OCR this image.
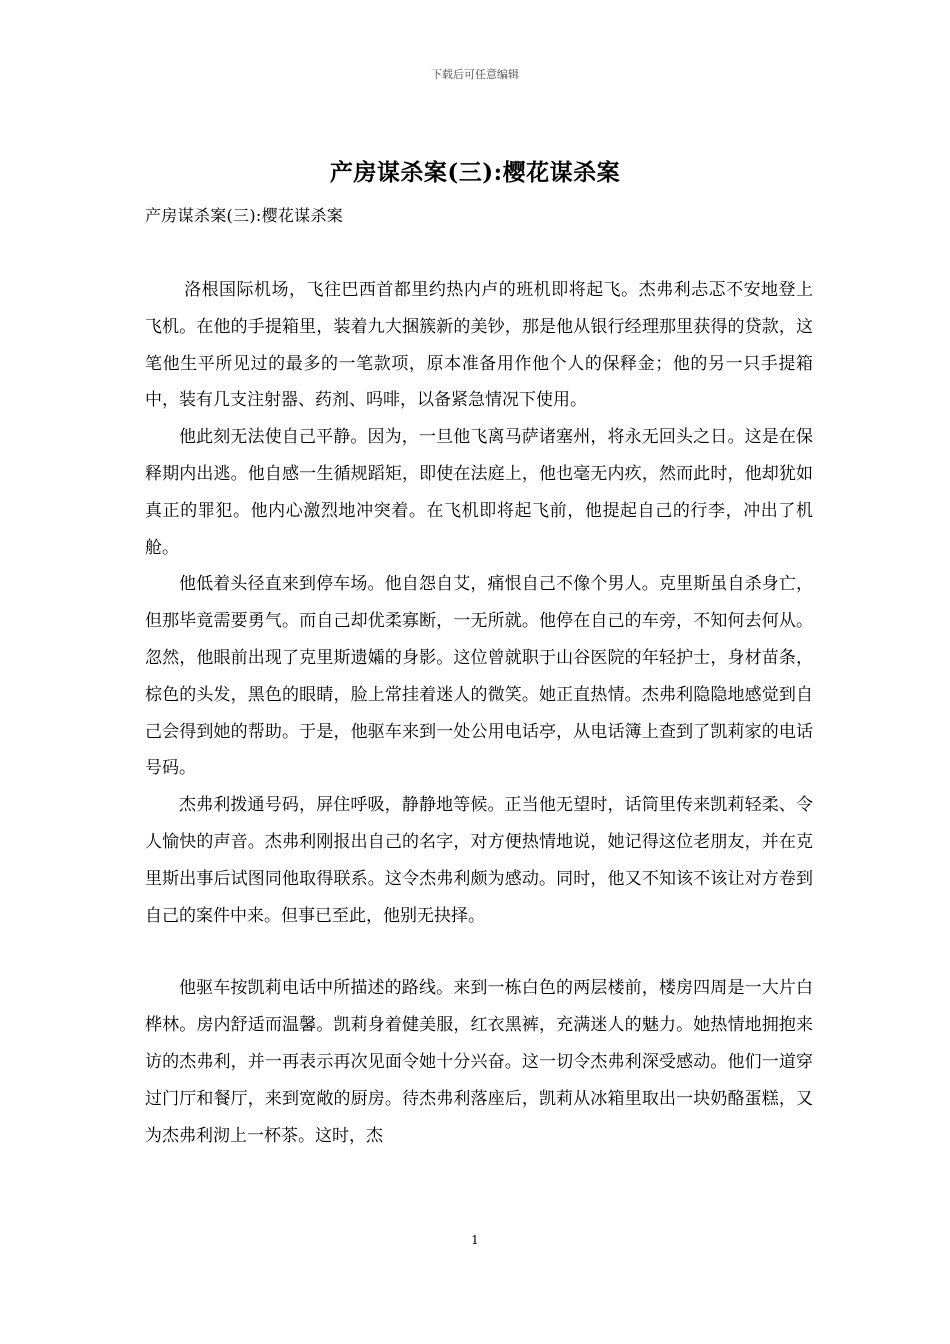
下载后可任意编辑
产房谋杀案(三):樱花谋杀案
产房谋杀案(三):樱花谋杀案

洛根国际机场，飞往巴西首都里约热内卢的班机即将起飞。杰弗利忐忑不安地登上飞机。在他的手提箱里，装着九大捆簇新的美钞，那是他从银行经理那里获得的贷款，这笔他生平所见过的最多的一笔款项，原本准备用作他个人的保释金；他的另一只手提箱中，装有几支注射器、药剂、吗啡，以备紧急情况下使用。

他此刻无法使自己平静。因为，一旦他飞离马萨诸塞州，将永无回头之日。这是在保释期内出逃。他自感一生循规蹈矩，即使在法庭上，他也毫无内疚，然而此时，他却犹如真正的罪犯。他内心激烈地冲突着。在飞机即将起飞前，他提起自己的行李，冲出了机舱。

他低着头径直来到停车场。他自怨自艾，痛恨自己不像个男人。克里斯虽自杀身亡，但那毕竟需要勇气。而自己却优柔寡断，一无所就。他停在自己的车旁，不知何去何从。忽然，他眼前出现了克里斯遗孀的身影。这位曾就职于山谷医院的年轻护士，身材苗条，棕色的头发，黑色的眼睛，脸上常挂着迷人的微笑。她正直热情。杰弗利隐隐地感觉到自己会得到她的帮助。于是，他驱车来到一处公用电话亭，从电话簿上查到了凯莉家的电话号码。

杰弗利拨通号码，屏住呼吸，静静地等候。正当他无望时，话筒里传来凯莉轻柔、令人愉快的声音。杰弗利刚报出自己的名字，对方便热情地说，她记得这位老朋友，并在克里斯出事后试图同他取得联系。这令杰弗利颇为感动。同时，他又不知该不该让对方卷到自己的案件中来。但事已至此，他别无抉择。

他驱车按凯莉电话中所描述的路线。来到一栋白色的两层楼前，楼房四周是一大片白桦林。房内舒适而温馨。凯莉身着健美服，红衣黑裤，充满迷人的魅力。她热情地拥抱来访的杰弗利，并一再表示再次见面令她十分兴奋。这一切令杰弗利深受感动。他们一道穿过门厅和餐厅，来到宽敞的厨房。待杰弗利落座后，凯莉从冰箱里取出一块奶酪蛋糕，又为杰弗利沏上一杯茶。这时，杰

1
